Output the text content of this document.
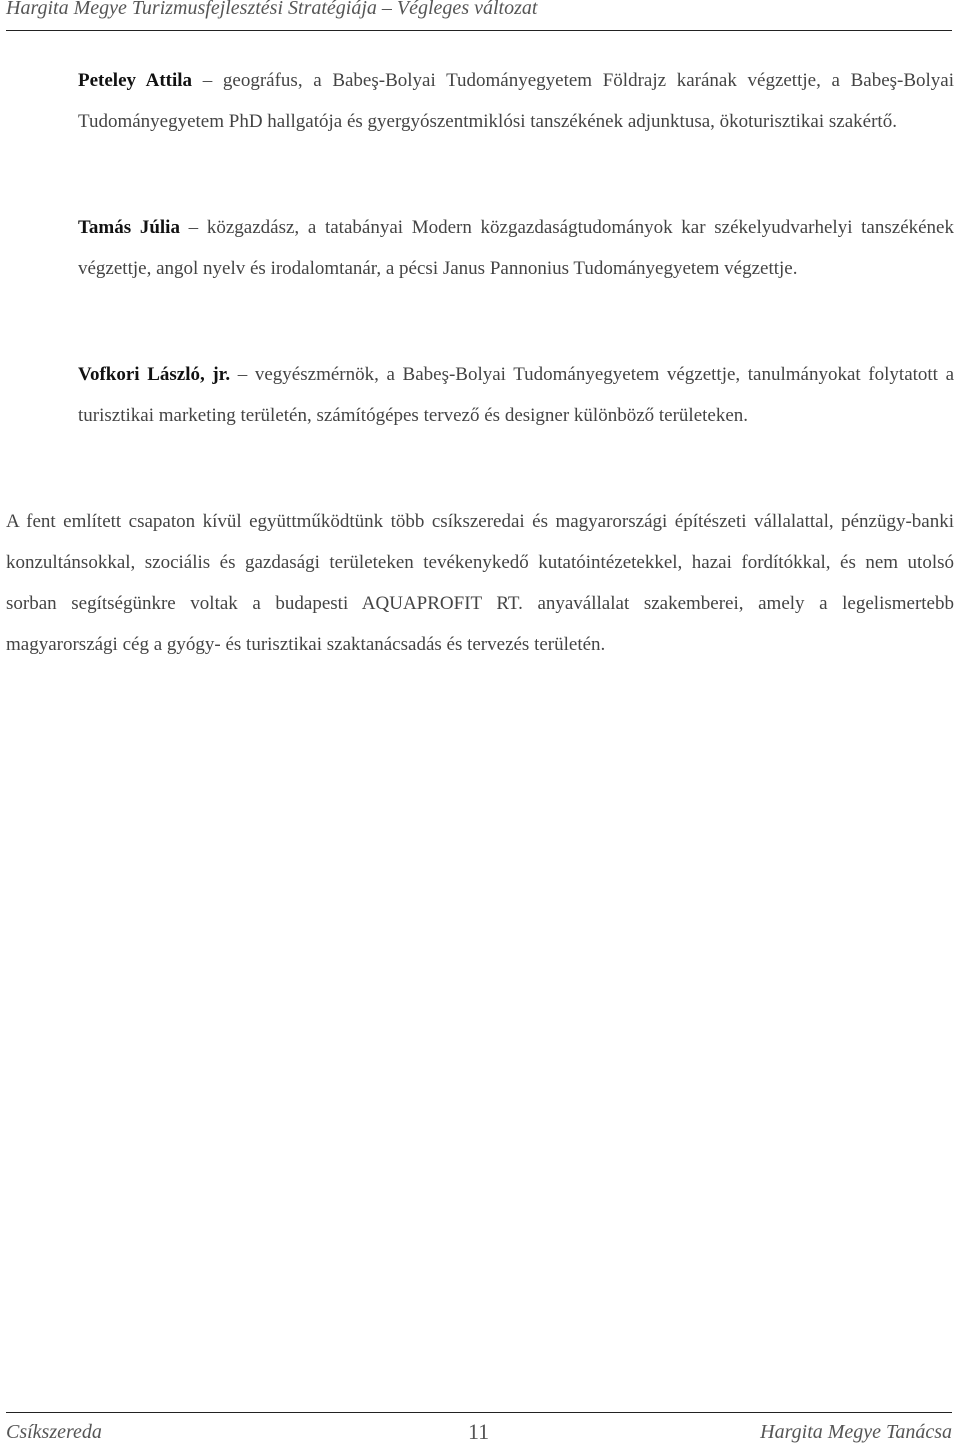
Hargita Megye Turizmusfejlesztési Stratégiája – Végleges változat

Peteley Attila – geográfus, a Babeş-Bolyai Tudományegyetem Földrajz karának végzettje, a Babeş-Bolyai Tudományegyetem PhD hallgatója és gyergyószentmiklósi tanszékének adjunktusa, ökoturisztikai szakértő.

Tamás Júlia – közgazdász, a tatabányai Modern közgazdaságtudományok kar székelyudvarhelyi tanszékének végzettje, angol nyelv és irodalomtanár, a pécsi Janus Pannonius Tudományegyetem végzettje.

Vofkori László, jr. – vegyészmérnök, a Babeş-Bolyai Tudományegyetem végzettje, tanulmányokat folytatott a turisztikai marketing területén, számítógépes tervező és designer különböző területeken.

A fent említett csapaton kívül együttműködtünk több csíkszeredai és magyarországi építészeti vállalattal, pénzügy-banki konzultánsokkal, szociális és gazdasági területeken tevékenykedő kutatóintézetekkel, hazai fordítókkal, és nem utolsó sorban segítségünkre voltak a budapesti AQUAPROFIT RT. anyavállalat szakemberei, amely a legelismertebb magyarországi cég a gyógy- és turisztikai szaktanácsadás és tervezés területén.

Csíkszereda	11	Hargita Megye Tanácsa
